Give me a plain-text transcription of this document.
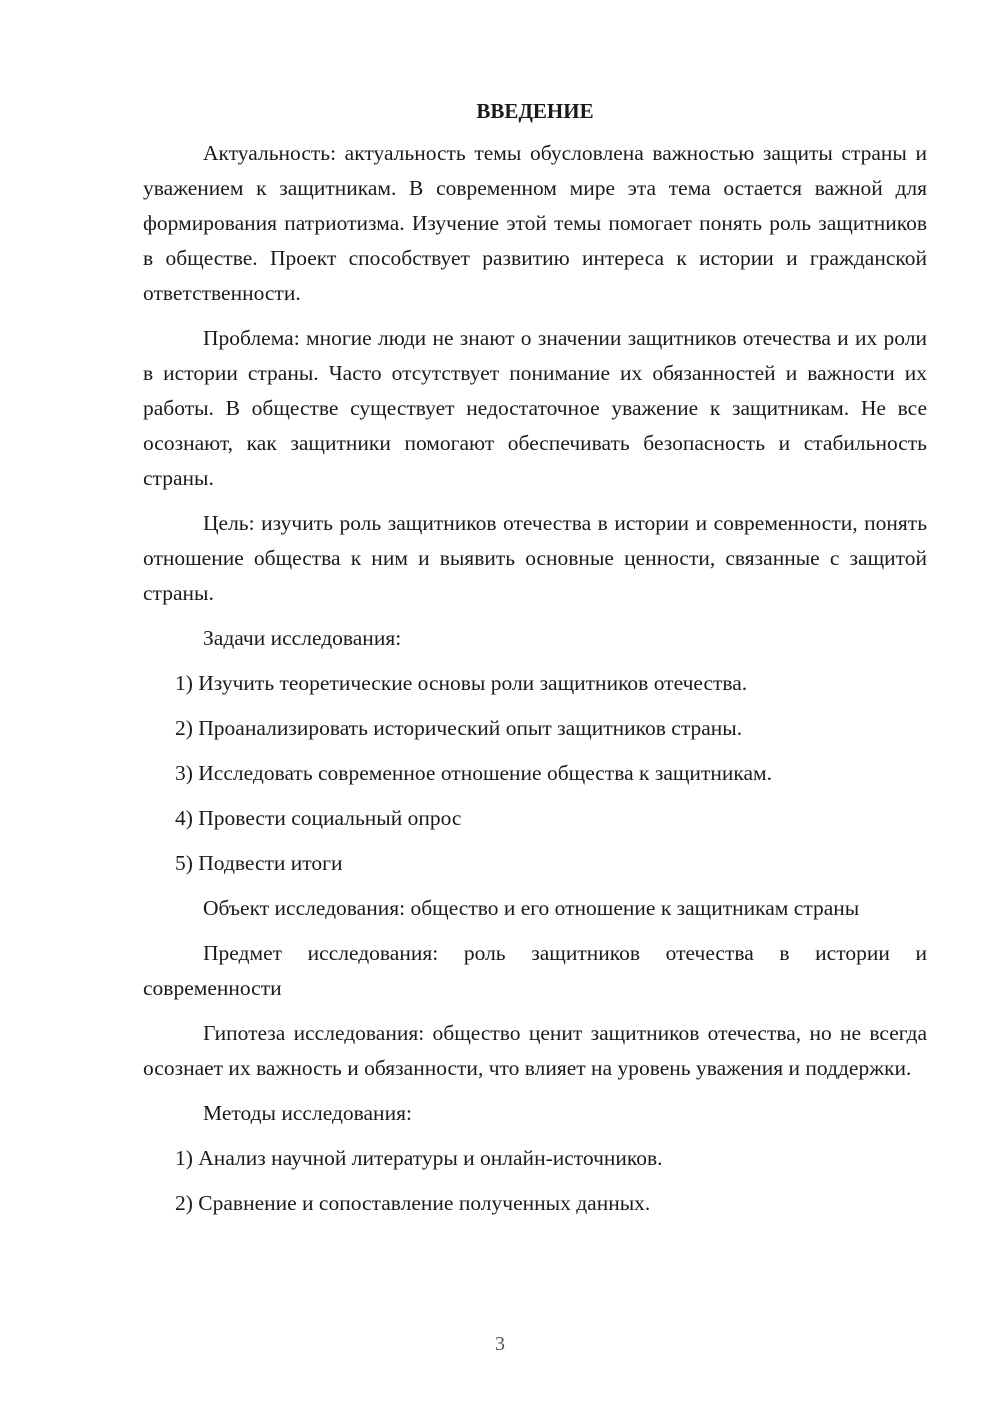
ВВЕДЕНИЕ

Актуальность: актуальность темы обусловлена важностью защиты страны и уважением к защитникам. В современном мире эта тема остается важной для формирования патриотизма. Изучение этой темы помогает понять роль защитников в обществе. Проект способствует развитию интереса к истории и гражданской ответственности.

Проблема: многие люди не знают о значении защитников отечества и их роли в истории страны. Часто отсутствует понимание их обязанностей и важности их работы. В обществе существует недостаточное уважение к защитникам. Не все осознают, как защитники помогают обеспечивать безопасность и стабильность страны.

Цель: изучить роль защитников отечества в истории и современности, понять отношение общества к ним и выявить основные ценности, связанные с защитой страны.

Задачи исследования:
1) Изучить теоретические основы роли защитников отечества.
2) Проанализировать исторический опыт защитников страны.
3) Исследовать современное отношение общества к защитникам.
4) Провести социальный опрос
5) Подвести итоги

Объект исследования: общество и его отношение к защитникам страны

Предмет исследования: роль защитников отечества в истории и современности

Гипотеза исследования: общество ценит защитников отечества, но не всегда осознает их важность и обязанности, что влияет на уровень уважения и поддержки.

Методы исследования:
1) Анализ научной литературы и онлайн-источников.
2) Сравнение и сопоставление полученных данных.
3
